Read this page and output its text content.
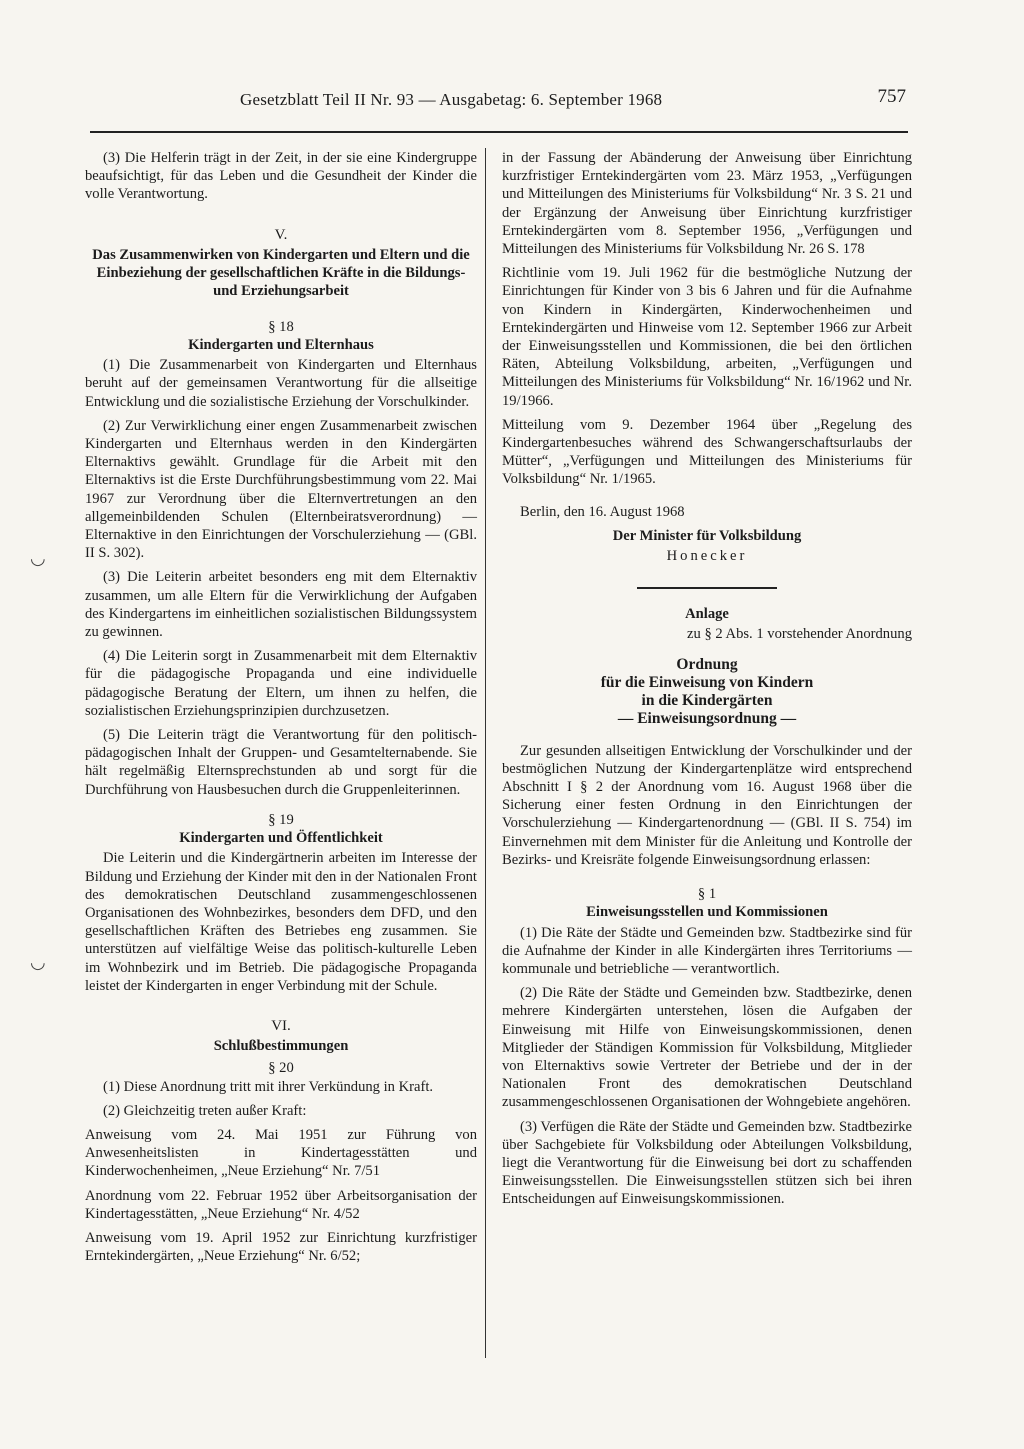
Gesetzblatt Teil II Nr. 93 — Ausgabetag: 6. September 1968	757
◡
◡

(3) Die Helferin trägt in der Zeit, in der sie eine Kindergruppe beaufsichtigt, für das Leben und die Gesundheit der Kinder die volle Verantwortung.

V.
Das Zusammenwirken von Kindergarten und Eltern und die Einbeziehung der gesellschaftlichen Kräfte in die Bildungs- und Erziehungsarbeit
§ 18
Kindergarten und Elternhaus

(1) Die Zusammenarbeit von Kindergarten und Elternhaus beruht auf der gemeinsamen Verantwortung für die allseitige Entwicklung und die sozialistische Erziehung der Vorschulkinder.

(2) Zur Verwirklichung einer engen Zusammenarbeit zwischen Kindergarten und Elternhaus werden in den Kindergärten Elternaktivs gewählt. Grundlage für die Arbeit mit den Elternaktivs ist die Erste Durchführungsbestimmung vom 22. Mai 1967 zur Verordnung über die Elternvertretungen an den allgemeinbildenden Schulen (Elternbeiratsverordnung) — Elternaktive in den Einrichtungen der Vorschulerziehung — (GBl. II S. 302).

(3) Die Leiterin arbeitet besonders eng mit dem Elternaktiv zusammen, um alle Eltern für die Verwirklichung der Aufgaben des Kindergartens im einheitlichen sozialistischen Bildungssystem zu gewinnen.

(4) Die Leiterin sorgt in Zusammenarbeit mit dem Elternaktiv für die pädagogische Propaganda und eine individuelle pädagogische Beratung der Eltern, um ihnen zu helfen, die sozialistischen Erziehungsprinzipien durchzusetzen.

(5) Die Leiterin trägt die Verantwortung für den politisch-pädagogischen Inhalt der Gruppen- und Gesamtelternabende. Sie hält regelmäßig Elternsprechstunden ab und sorgt für die Durchführung von Hausbesuchen durch die Gruppenleiterinnen.

§ 19
Kindergarten und Öffentlichkeit

Die Leiterin und die Kindergärtnerin arbeiten im Interesse der Bildung und Erziehung der Kinder mit den in der Nationalen Front des demokratischen Deutschland zusammengeschlossenen Organisationen des Wohnbezirkes, besonders dem DFD, und den gesellschaftlichen Kräften des Betriebes eng zusammen. Sie unterstützen auf vielfältige Weise das politisch-kulturelle Leben im Wohnbezirk und im Betrieb. Die pädagogische Propaganda leistet der Kindergarten in enger Verbindung mit der Schule.

VI.
Schlußbestimmungen
§ 20

(1) Diese Anordnung tritt mit ihrer Verkündung in Kraft.

(2) Gleichzeitig treten außer Kraft:

Anweisung vom 24. Mai 1951 zur Führung von Anwesenheitslisten in Kindertagesstätten und Kinderwochenheimen, „Neue Erziehung“ Nr. 7/51

Anordnung vom 22. Februar 1952 über Arbeitsorganisation der Kindertagesstätten, „Neue Erziehung“ Nr. 4/52

Anweisung vom 19. April 1952 zur Einrichtung kurzfristiger Erntekindergärten, „Neue Erziehung“ Nr. 6/52;

in der Fassung der Abänderung der Anweisung über Einrichtung kurzfristiger Erntekindergärten vom 23. März 1953, „Verfügungen und Mitteilungen des Ministeriums für Volksbildung“ Nr. 3 S. 21 und der Ergänzung der Anweisung über Einrichtung kurzfristiger Erntekindergärten vom 8. September 1956, „Verfügungen und Mitteilungen des Ministeriums für Volksbildung Nr. 26 S. 178

Richtlinie vom 19. Juli 1962 für die bestmögliche Nutzung der Einrichtungen für Kinder von 3 bis 6 Jahren und für die Aufnahme von Kindern in Kindergärten, Kinderwochenheimen und Erntekindergärten und Hinweise vom 12. September 1966 zur Arbeit der Einweisungsstellen und Kommissionen, die bei den örtlichen Räten, Abteilung Volksbildung, arbeiten, „Verfügungen und Mitteilungen des Ministeriums für Volksbildung“ Nr. 16/1962 und Nr. 19/1966.

Mitteilung vom 9. Dezember 1964 über „Regelung des Kindergartenbesuches während des Schwangerschaftsurlaubs der Mütter“, „Verfügungen und Mitteilungen des Ministeriums für Volksbildung“ Nr. 1/1965.

Berlin, den 16. August 1968
Der Minister für Volksbildung
Honecker
Anlage
zu § 2 Abs. 1 vorstehender Anordnung
Ordnung
für die Einweisung von Kindern
in die Kindergärten
— Einweisungsordnung —

Zur gesunden allseitigen Entwicklung der Vorschulkinder und der bestmöglichen Nutzung der Kindergartenplätze wird entsprechend Abschnitt I § 2 der Anordnung vom 16. August 1968 über die Sicherung einer festen Ordnung in den Einrichtungen der Vorschulerziehung — Kindergartenordnung — (GBl. II S. 754) im Einvernehmen mit dem Minister für die Anleitung und Kontrolle der Bezirks- und Kreisräte folgende Einweisungsordnung erlassen:

§ 1
Einweisungsstellen und Kommissionen

(1) Die Räte der Städte und Gemeinden bzw. Stadtbezirke sind für die Aufnahme der Kinder in alle Kindergärten ihres Territoriums — kommunale und betriebliche — verantwortlich.

(2) Die Räte der Städte und Gemeinden bzw. Stadtbezirke, denen mehrere Kindergärten unterstehen, lösen die Aufgaben der Einweisung mit Hilfe von Einweisungskommissionen, denen Mitglieder der Ständigen Kommission für Volksbildung, Mitglieder von Elternaktivs sowie Vertreter der Betriebe und der in der Nationalen Front des demokratischen Deutschland zusammengeschlossenen Organisationen der Wohngebiete angehören.

(3) Verfügen die Räte der Städte und Gemeinden bzw. Stadtbezirke über Sachgebiete für Volksbildung oder Abteilungen Volksbildung, liegt die Verantwortung für die Einweisung bei dort zu schaffenden Einweisungsstellen. Die Einweisungsstellen stützen sich bei ihren Entscheidungen auf Einweisungskommissionen.
